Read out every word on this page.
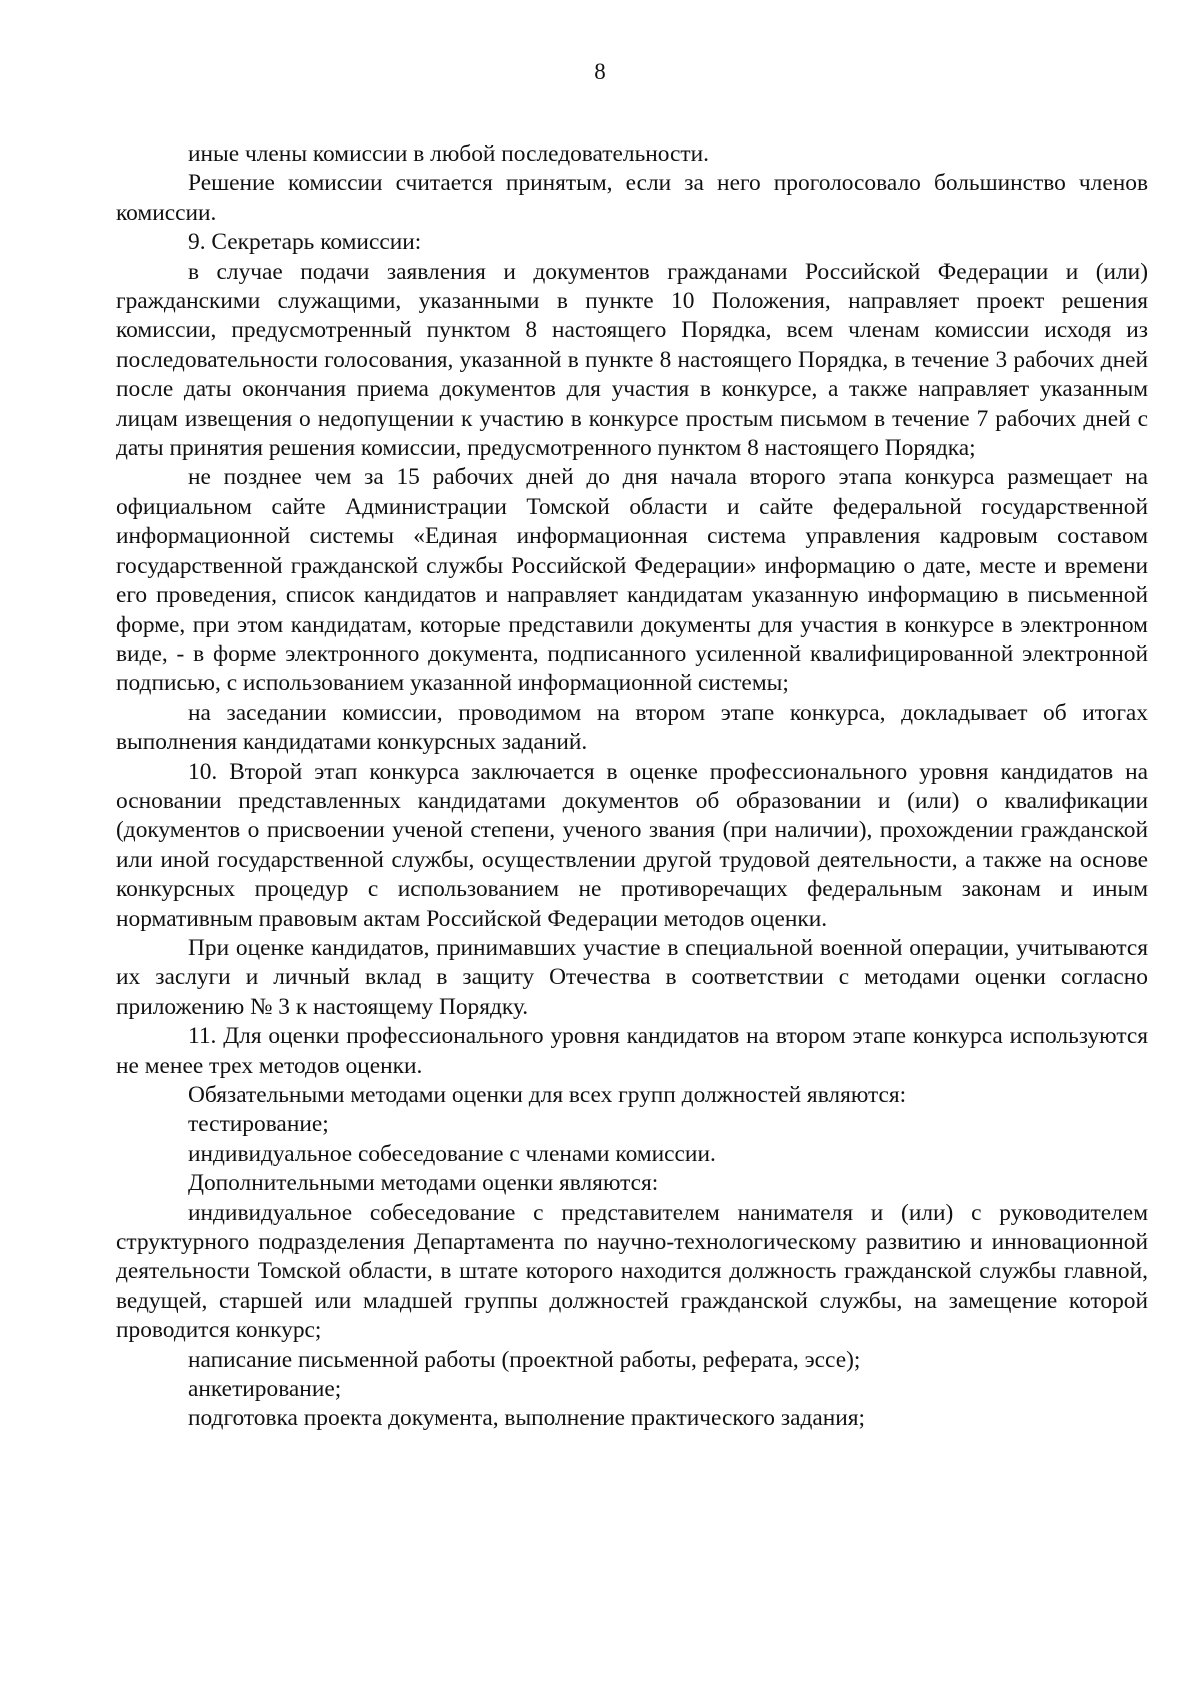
8

иные члены комиссии в любой последовательности.

Решение комиссии считается принятым, если за него проголосовало большинство членов комиссии.

9. Секретарь комиссии:

в случае подачи заявления и документов гражданами Российской Федерации и (или) гражданскими служащими, указанными в пункте 10 Положения, направляет проект решения комиссии, предусмотренный пунктом 8 настоящего Порядка, всем членам комиссии исходя из последовательности голосования, указанной в пункте 8 настоящего Порядка, в течение 3 рабочих дней после даты окончания приема документов для участия в конкурсе, а также направляет указанным лицам извещения о недопущении к участию в конкурсе простым письмом в течение 7 рабочих дней с даты принятия решения комиссии, предусмотренного пунктом 8 настоящего Порядка;

не позднее чем за 15 рабочих дней до дня начала второго этапа конкурса размещает на официальном сайте Администрации Томской области и сайте федеральной государственной информационной системы «Единая информационная система управления кадровым составом государственной гражданской службы Российской Федерации» информацию о дате, месте и времени его проведения, список кандидатов и направляет кандидатам указанную информацию в письменной форме, при этом кандидатам, которые представили документы для участия в конкурсе в электронном виде, - в форме электронного документа, подписанного усиленной квалифицированной электронной подписью, с использованием указанной информационной системы;

на заседании комиссии, проводимом на втором этапе конкурса, докладывает об итогах выполнения кандидатами конкурсных заданий.

10. Второй этап конкурса заключается в оценке профессионального уровня кандидатов на основании представленных кандидатами документов об образовании и (или) о квалификации (документов о присвоении ученой степени, ученого звания (при наличии), прохождении гражданской или иной государственной службы, осуществлении другой трудовой деятельности, а также на основе конкурсных процедур с использованием не противоречащих федеральным законам и иным нормативным правовым актам Российской Федерации методов оценки.

При оценке кандидатов, принимавших участие в специальной военной операции, учитываются их заслуги и личный вклад в защиту Отечества в соответствии с методами оценки согласно приложению № 3 к настоящему Порядку.

11. Для оценки профессионального уровня кандидатов на втором этапе конкурса используются не менее трех методов оценки.

Обязательными методами оценки для всех групп должностей являются:

тестирование;

индивидуальное собеседование с членами комиссии.

Дополнительными методами оценки являются:

индивидуальное собеседование с представителем нанимателя и (или) с руководителем структурного подразделения Департамента по научно-технологическому развитию и инновационной деятельности Томской области, в штате которого находится должность гражданской службы главной, ведущей, старшей или младшей группы должностей гражданской службы, на замещение которой проводится конкурс;

написание письменной работы (проектной работы, реферата, эссе);

анкетирование;

подготовка проекта документа, выполнение практического задания;
